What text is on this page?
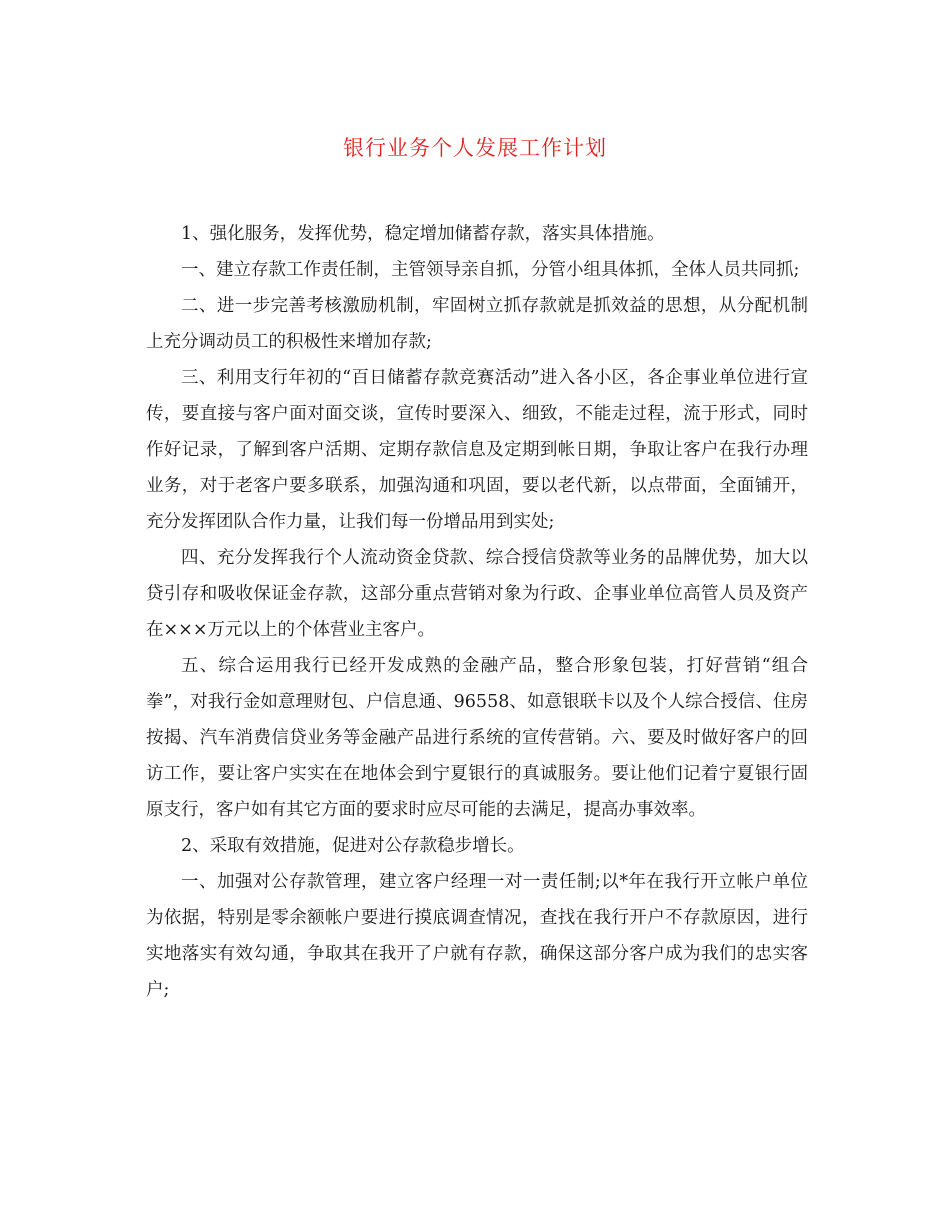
银行业务个人发展工作计划

1、强化服务，发挥优势，稳定增加储蓄存款，落实具体措施。

一、建立存款工作责任制，主管领导亲自抓，分管小组具体抓，全体人员共同抓;

二、进一步完善考核激励机制，牢固树立抓存款就是抓效益的思想，从分配机制上充分调动员工的积极性来增加存款;

三、利用支行年初的“百日储蓄存款竞赛活动”进入各小区，各企事业单位进行宣传，要直接与客户面对面交谈，宣传时要深入、细致，不能走过程，流于形式，同时作好记录，了解到客户活期、定期存款信息及定期到帐日期，争取让客户在我行办理业务，对于老客户要多联系，加强沟通和巩固，要以老代新，以点带面，全面铺开，充分发挥团队合作力量，让我们每一份增品用到实处;

四、充分发挥我行个人流动资金贷款、综合授信贷款等业务的品牌优势，加大以贷引存和吸收保证金存款，这部分重点营销对象为行政、企事业单位高管人员及资产在×××万元以上的个体营业主客户。

五、综合运用我行已经开发成熟的金融产品，整合形象包装，打好营销“组合拳”，对我行金如意理财包、户信息通、96558、如意银联卡以及个人综合授信、住房按揭、汽车消费信贷业务等金融产品进行系统的宣传营销。六、要及时做好客户的回访工作，要让客户实实在在地体会到宁夏银行的真诚服务。要让他们记着宁夏银行固原支行，客户如有其它方面的要求时应尽可能的去满足，提高办事效率。

2、采取有效措施，促进对公存款稳步增长。

一、加强对公存款管理，建立客户经理一对一责任制;以*年在我行开立帐户单位为依据，特别是零余额帐户要进行摸底调查情况，查找在我行开户不存款原因，进行实地落实有效勾通，争取其在我开了户就有存款，确保这部分客户成为我们的忠实客户;
